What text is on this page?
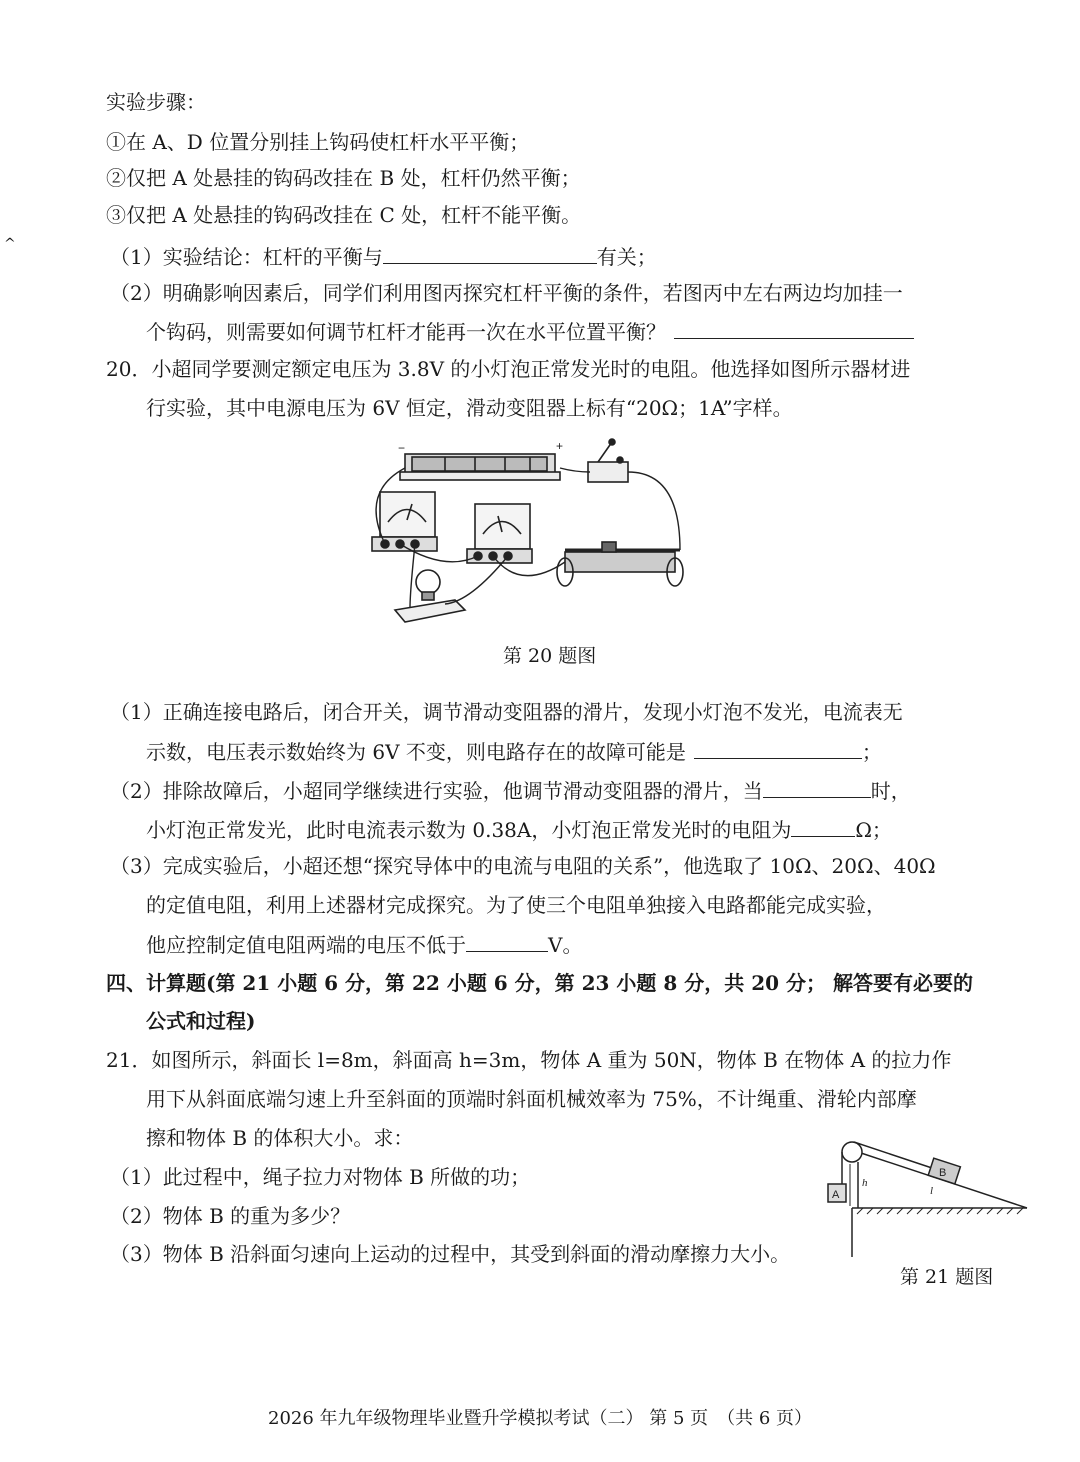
^
实验步骤：
①在 A、D 位置分别挂上钩码使杠杆水平平衡；
②仅把 A 处悬挂的钩码改挂在 B 处，杠杆仍然平衡；
③仅把 A 处悬挂的钩码改挂在 C 处，杠杆不能平衡。
（1）实验结论：杠杆的平衡与	有关；
（2）明确影响因素后，同学们利用图丙探究杠杆平衡的条件，若图丙中左右两边均加挂一
个钩码，则需要如何调节杠杆才能再一次在水平位置平衡？
20．小超同学要测定额定电压为 3.8V 的小灯泡正常发光时的电阻。他选择如图所示器材进
行实验，其中电源电压为 6V 恒定，滑动变阻器上标有“20Ω；1A”字样。
−	+
第 20 题图
（1）正确连接电路后，闭合开关，调节滑动变阻器的滑片，发现小灯泡不发光，电流表无
示数，电压表示数始终为 6V 不变，则电路存在的故障可能是	；
（2）排除故障后，小超同学继续进行实验，他调节滑动变阻器的滑片，当	时，
小灯泡正常发光，此时电流表示数为 0.38A，小灯泡正常发光时的电阻为	Ω；
（3）完成实验后，小超还想“探究导体中的电流与电阻的关系”，他选取了 10Ω、20Ω、40Ω
的定值电阻，利用上述器材完成探究。为了使三个电阻单独接入电路都能完成实验，
他应控制定值电阻两端的电压不低于	V。
四、计算题(第 21 小题 6 分，第 22 小题 6 分，第 23 小题 8 分，共 20 分； 解答要有必要的
公式和过程)
21．如图所示，斜面长 l=8m，斜面高 h=3m，物体 A 重为 50N，物体 B 在物体 A 的拉力作
用下从斜面底端匀速上升至斜面的顶端时斜面机械效率为 75%，不计绳重、滑轮内部摩
擦和物体 B 的体积大小。求：
（1）此过程中，绳子拉力对物体 B 所做的功；
（2）物体 B 的重为多少？
（3）物体 B 沿斜面匀速向上运动的过程中，其受到斜面的滑动摩擦力大小。
A
B
h
l
第 21 题图
2026 年九年级物理毕业暨升学模拟考试（二） 第 5 页　（共 6 页）
